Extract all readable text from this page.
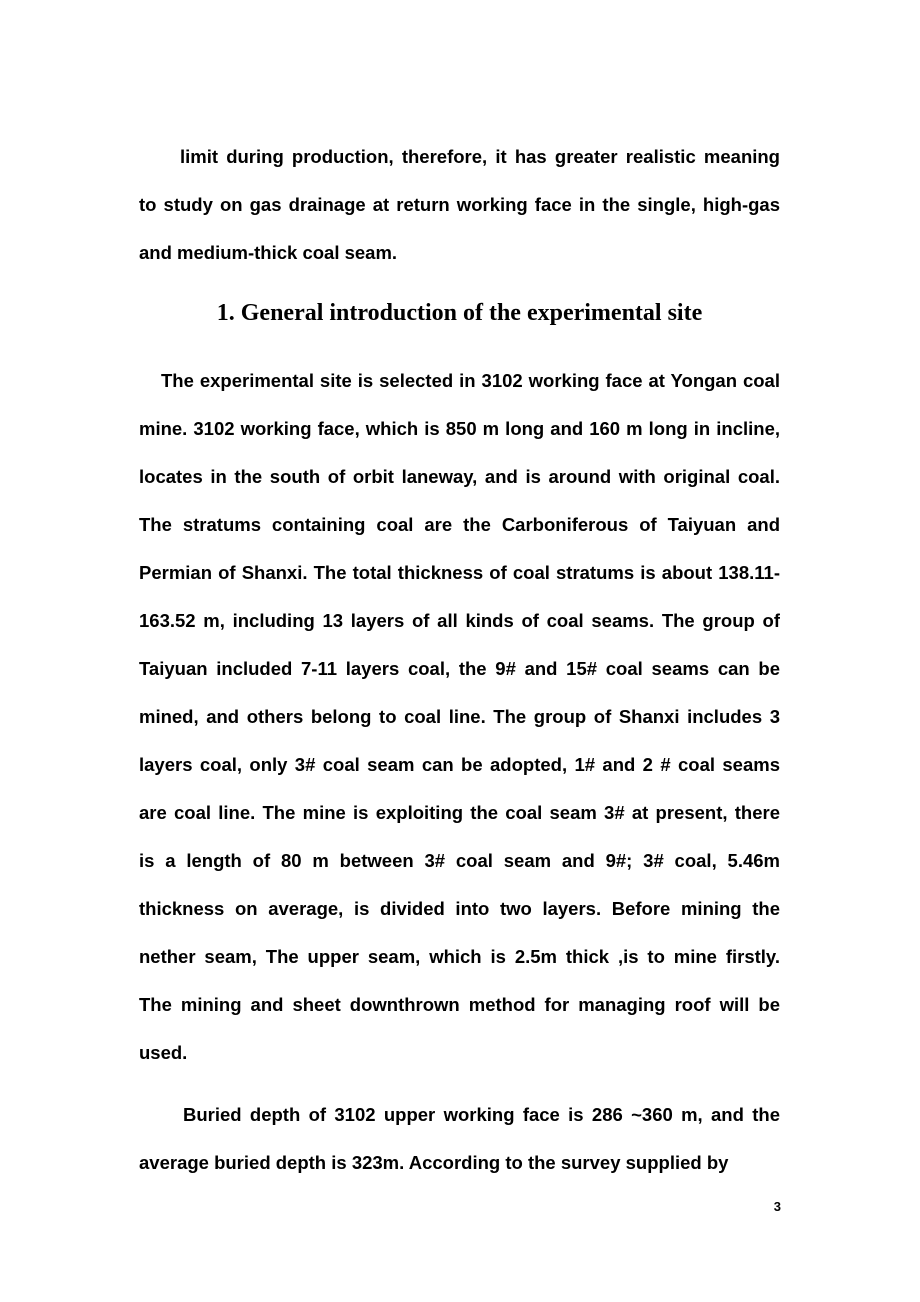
limit during production, therefore, it has greater realistic meaning
to study on gas drainage at return working face in the single, high-gas
and medium-thick coal seam.
1. General introduction of the experimental site
The experimental site is selected in 3102 working face at Yongan coal
mine. 3102 working face, which is 850 m long and 160 m long in incline,
locates in the south of orbit laneway, and is around with original coal.
The stratums containing coal are the Carboniferous of Taiyuan and
Permian of Shanxi. The total thickness of coal stratums is about 138.11-
163.52 m, including 13 layers of all kinds of coal seams. The group of
Taiyuan included 7-11 layers coal, the 9# and 15# coal seams can be
mined, and others belong to coal line. The group of Shanxi includes 3
layers coal, only 3# coal seam can be adopted, 1# and 2 # coal seams
are coal line. The mine is exploiting the coal seam 3# at present, there
is a length of 80 m between 3# coal seam and 9#; 3# coal, 5.46m
thickness on average, is divided into two layers. Before mining the
nether seam, The upper seam, which is 2.5m thick ,is to mine firstly.
The mining and sheet downthrown method for managing roof will be
used.
Buried depth of 3102 upper working face is 286 ~360 m, and the
average buried depth is 323m. According to the survey supplied by
3
